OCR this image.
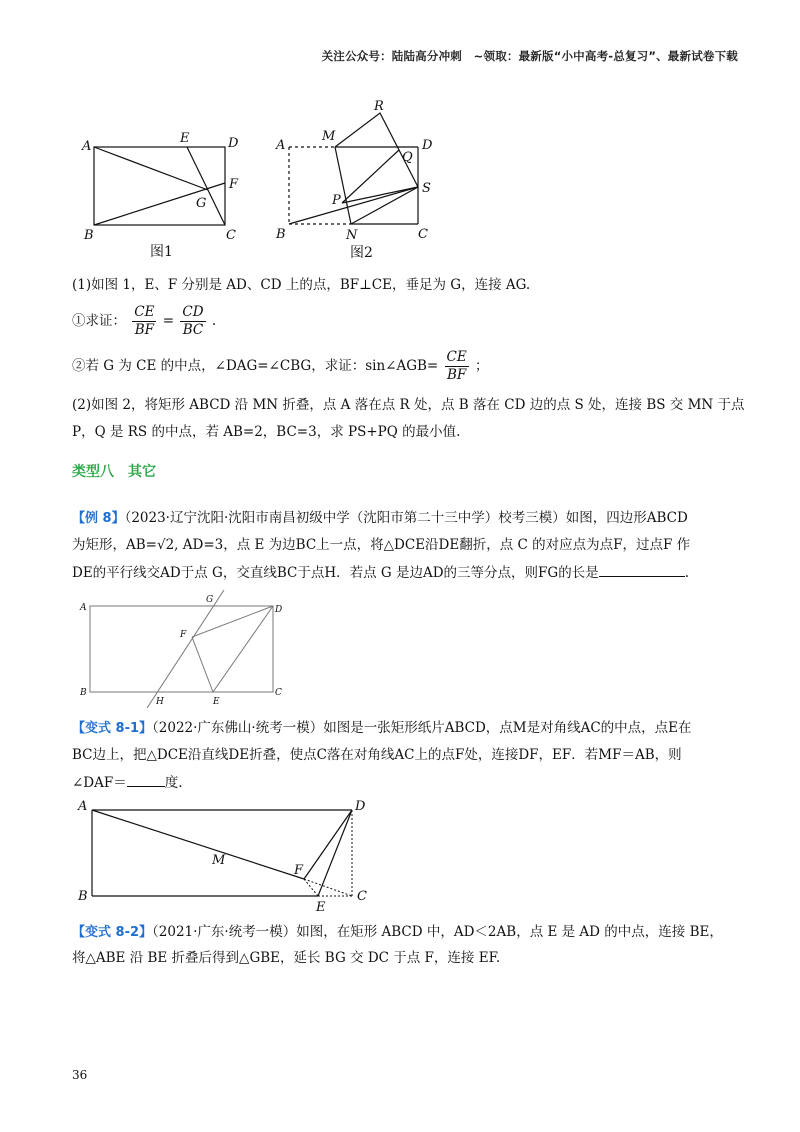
关注公众号：陆陆高分冲刺　~领取：最新版“小中高考-总复习”、最新试卷下载
A
E	D
F
G
B	C
图1
A
M
R
D
Q
S
P
B	N	C
图2
(1)如图 1，E、F 分别是 AD、CD 上的点，BF⊥CE，垂足为 G，连接 AG.
①求证： $\frac{CE}{BF} = \frac{CD}{BC}$ .
②若 G 为 CE 的中点，∠DAG=∠CBG，求证：sin∠AGB= $\frac{CE}{BF}$ ；
(2)如图 2，将矩形 ABCD 沿 MN 折叠，点 A 落在点 R 处，点 B 落在 CD 边的点 S 处，连接 BS 交 MN 于点
P，Q 是 RS 的中点，若 AB=2，BC=3，求 PS+PQ 的最小值.
类型八　其它
【例 8】（2023·辽宁沈阳·沈阳市南昌初级中学（沈阳市第二十三中学）校考三模）如图，四边形ABCD
为矩形，AB=√2, AD=3，点 E 为边BC上一点，将△DCE沿DE翻折，点 C 的对应点为点F，过点F 作
DE的平行线交AD于点 G，交直线BC于点H．若点 G 是边AD的三等分点，则FG的长是	.
A
G
D
F
B
H	E
C
【变式 8-1】（2022·广东佛山·统考一模）如图是一张矩形纸片ABCD，点M是对角线AC的中点，点E在
BC边上，把△DCE沿直线DE折叠，使点C落在对角线AC上的点F处，连接DF，EF．若MF＝AB，则
∠DAF＝	度.
A	D
M
F
B
E
C
【变式 8-2】（2021·广东·统考一模）如图，在矩形 ABCD 中，AD＜2AB，点 E 是 AD 的中点，连接 BE，
将△ABE 沿 BE 折叠后得到△GBE，延长 BG 交 DC 于点 F，连接 EF.
36
